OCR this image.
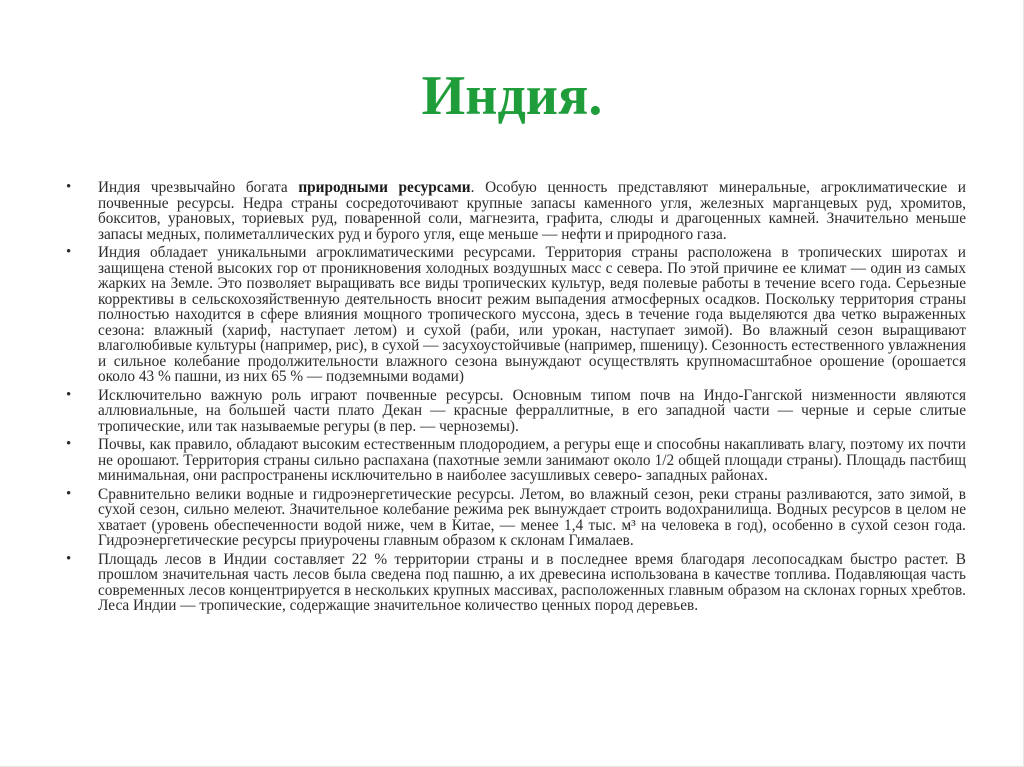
Индия.
•	Индия чрезвычайно богата природными ресурсами. Особую ценность представляют минеральные, агроклиматические и почвенные ресурсы. Недра страны сосредоточивают крупные запасы каменного угля, железных марганцевых руд, хромитов, бокситов, урановых, ториевых руд, поваренной соли, магнезита, графита, слюды и драгоценных камней. Значительно меньше запасы медных, полиметаллических руд и бурого угля, еще меньше — нефти и природного газа.
•	Индия обладает уникальными агроклиматическими ресурсами. Территория страны расположена в тропических широтах и защищена стеной высоких гор от проникновения холодных воздушных масс с севера. По этой причине ее климат — один из самых жарких на Земле. Это позволяет выращивать все виды тропических культур, ведя полевые работы в течение всего года. Серьезные коррективы в сельскохозяйственную деятельность вносит режим выпадения атмосферных осадков. Поскольку территория страны полностью находится в сфере влияния мощного тропического муссона, здесь в течение года выделяются два четко выраженных сезона: влажный (хариф, наступает летом) и сухой (раби, или урокан, наступает зимой). Во влажный сезон выращивают влаголюбивые культуры (например, рис), в сухой — засухоустойчивые (например, пшеницу). Сезонность естественного увлажнения и сильное колебание продолжительности влажного сезона вынуждают осуществлять крупномасштабное орошение (орошается около 43 % пашни, из них 65 % — подземными водами)
•	Исключительно важную роль играют почвенные ресурсы. Основным типом почв на Индо-Гангской низменности являются аллювиальные, на большей части плато Декан — красные ферраллитные, в его западной части — черные и серые слитые тропические, или так называемые регуры (в пер. — черноземы).
•	Почвы, как правило, обладают высоким естественным плодородием, а регуры еще и способны накапливать влагу, поэтому их почти не орошают. Территория страны сильно распахана (пахотные земли занимают около 1/2 общей площади страны). Площадь пастбищ минимальная, они распространены исключительно в наиболее засушливых северо- западных районах.
•	Сравнительно велики водные и гидроэнергетические ресурсы. Летом, во влажный сезон, реки страны разливаются, зато зимой, в сухой сезон, сильно мелеют. Значительное колебание режима рек вынуждает строить водохранилища. Водных ресурсов в целом не хватает (уровень обеспеченности водой ниже, чем в Китае, — менее 1,4 тыс. м³ на человека в год), особенно в сухой сезон года. Гидроэнергетические ресурсы приурочены главным образом к склонам Гималаев.
•	Площадь лесов в Индии составляет 22 % территории страны и в последнее время благодаря лесопосадкам быстро растет. В прошлом значительная часть лесов была сведена под пашню, а их древесина использована в качестве топлива. Подавляющая часть современных лесов концентрируется в нескольких крупных массивах, расположенных главным образом на склонах горных хребтов. Леса Индии — тропические, содержащие значительное количество ценных пород деревьев.
